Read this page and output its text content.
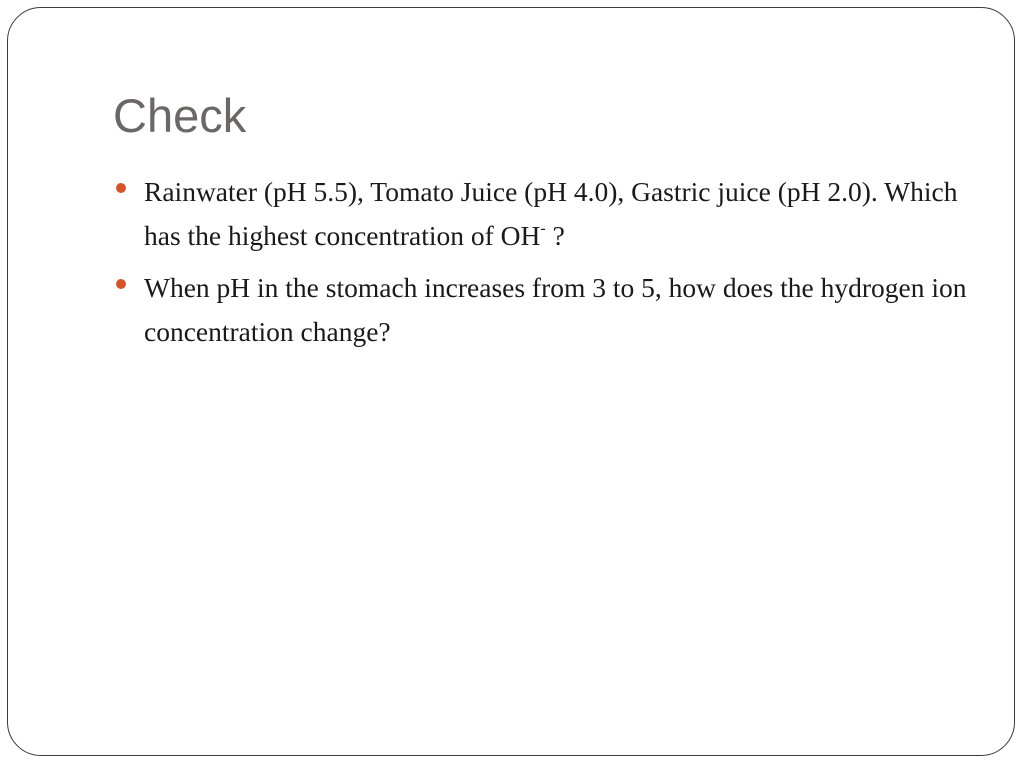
Check
Rainwater (pH 5.5), Tomato Juice (pH 4.0), Gastric juice (pH 2.0). Which has the highest concentration of OH- ?
When pH in the stomach increases from 3 to 5, how does the hydrogen ion concentration change?
